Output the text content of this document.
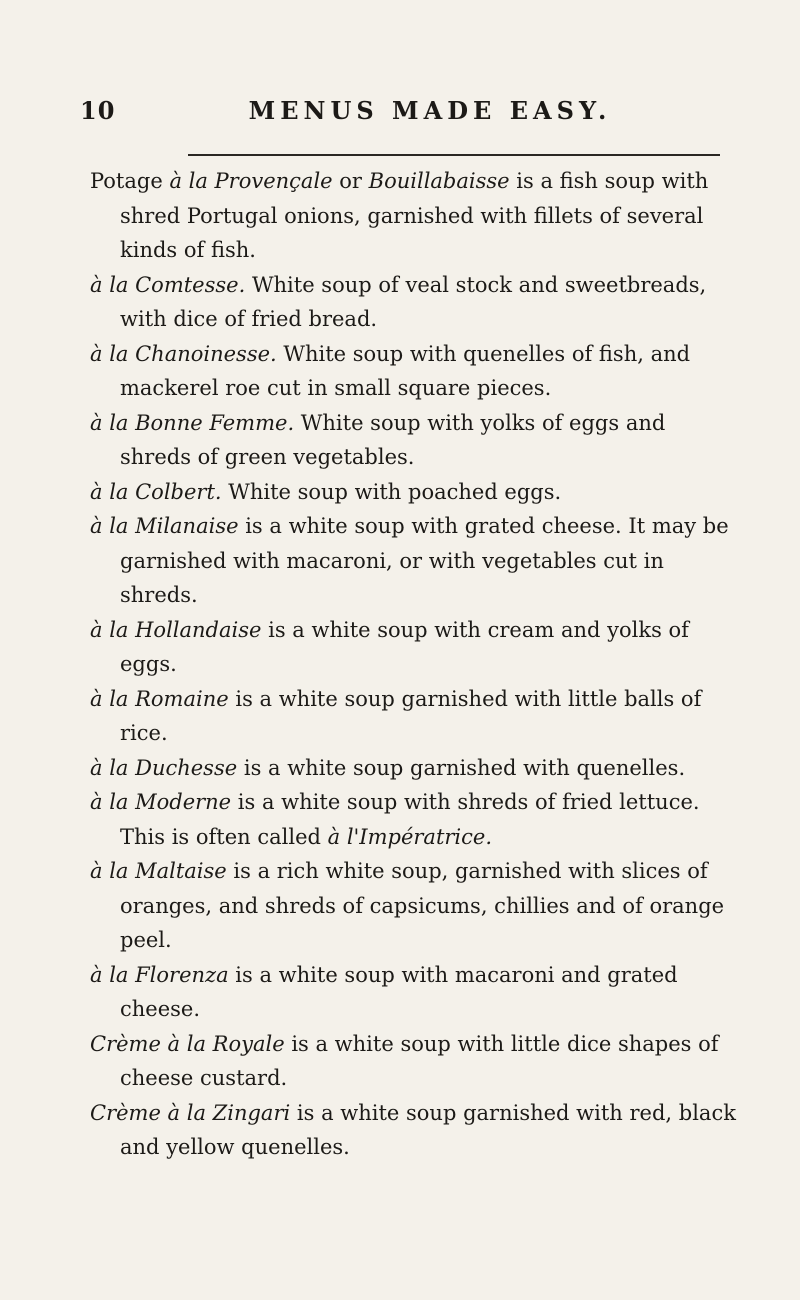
10	MENUS MADE EASY.

Potage à la Provençale or Bouillabaisse is a fish soup with shred Portugal onions, garnished with fillets of several kinds of fish.

à la Comtesse. White soup of veal stock and sweetbreads, with dice of fried bread.

à la Chanoinesse. White soup with quenelles of fish, and mackerel roe cut in small square pieces.

à la Bonne Femme. White soup with yolks of eggs and shreds of green vegetables.

à la Colbert. White soup with poached eggs.

à la Milanaise is a white soup with grated cheese. It may be garnished with macaroni, or with vegetables cut in shreds.

à la Hollandaise is a white soup with cream and yolks of eggs.

à la Romaine is a white soup garnished with little balls of rice.

à la Duchesse is a white soup garnished with quenelles.

à la Moderne is a white soup with shreds of fried lettuce. This is often called à l'Impératrice.

à la Maltaise is a rich white soup, garnished with slices of oranges, and shreds of capsicums, chillies and of orange peel.

à la Florenza is a white soup with macaroni and grated cheese.

Crème à la Royale is a white soup with little dice shapes of cheese custard.

Crème à la Zingari is a white soup garnished with red, black and yellow quenelles.
